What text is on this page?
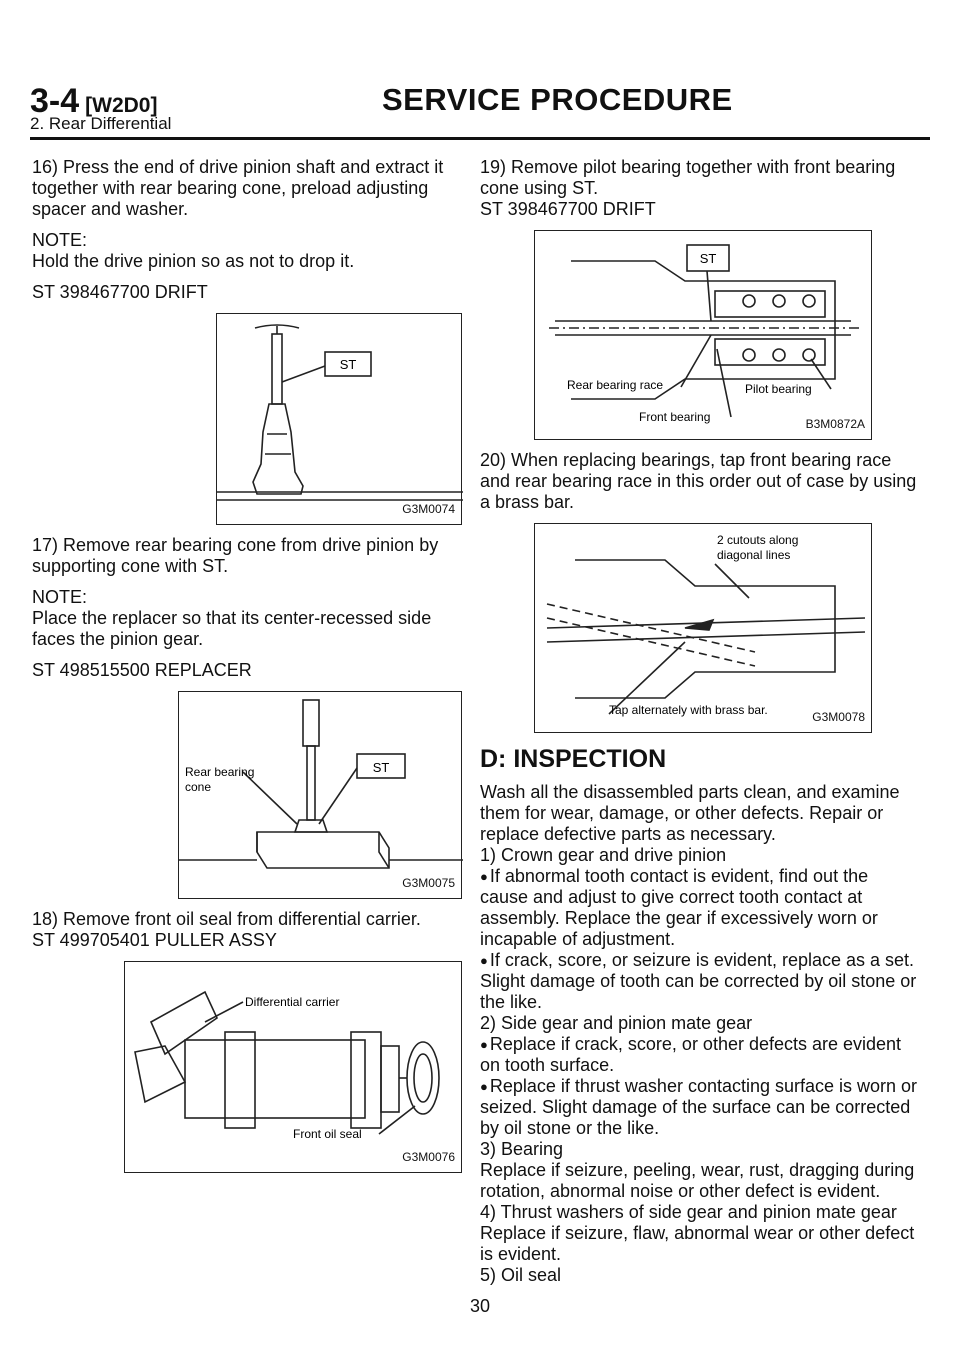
3-4 [W2D0]	SERVICE PROCEDURE
2. Rear Differential

16) Press the end of drive pinion shaft and extract it together with rear bearing cone, preload adjusting spacer and washer.

NOTE:

Hold the drive pinion so as not to drop it.

ST 398467700 DRIFT

ST
G3M0074

17) Remove rear bearing cone from drive pinion by supporting cone with ST.

NOTE:

Place the replacer so that its center-recessed side faces the pinion gear.

ST 498515500 REPLACER

ST
Rear bearing
cone
G3M0075

18) Remove front oil seal from differential carrier.

ST 499705401 PULLER ASSY

Differential carrier
Front oil seal
G3M0076

19) Remove pilot bearing together with front bearing cone using ST.

ST 398467700 DRIFT

ST
Rear bearing race
Front bearing
Pilot bearing
B3M0872A

20) When replacing bearings, tap front bearing race and rear bearing race in this order out of case by using a brass bar.

2 cutouts along
diagonal lines
Tap alternately with brass bar.	G3M0078
D: INSPECTION

Wash all the disassembled parts clean, and examine them for wear, damage, or other defects. Repair or replace defective parts as necessary.

1) Crown gear and drive pinion

● If abnormal tooth contact is evident, find out the cause and adjust to give correct tooth contact at assembly. Replace the gear if excessively worn or incapable of adjustment.

● If crack, score, or seizure is evident, replace as a set. Slight damage of tooth can be corrected by oil stone or the like.

2) Side gear and pinion mate gear

● Replace if crack, score, or other defects are evident on tooth surface.

● Replace if thrust washer contacting surface is worn or seized. Slight damage of the surface can be corrected by oil stone or the like.

3) Bearing

Replace if seizure, peeling, wear, rust, dragging during rotation, abnormal noise or other defect is evident.

4) Thrust washers of side gear and pinion mate gear Replace if seizure, flaw, abnormal wear or other defect is evident.

5) Oil seal

30
